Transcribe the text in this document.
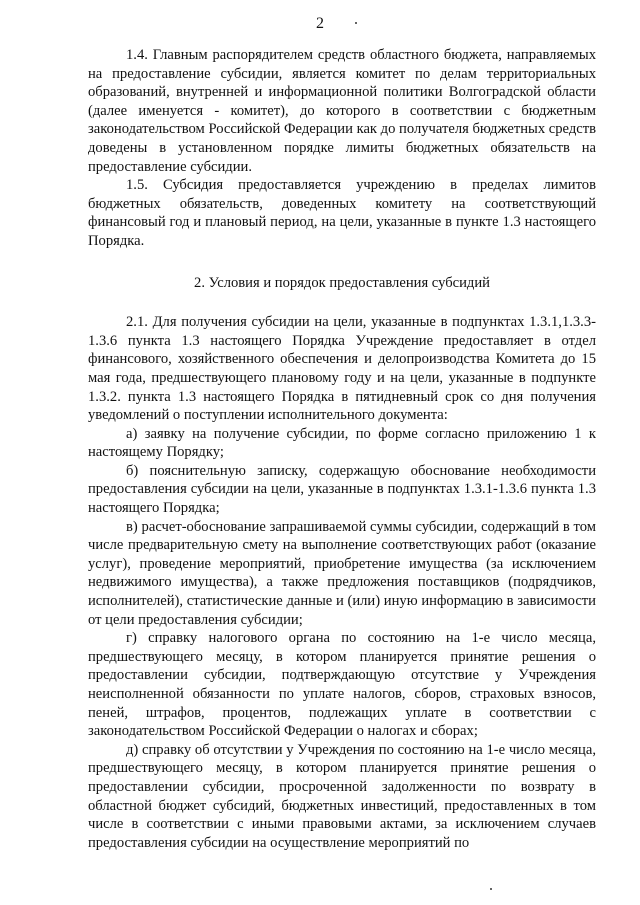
2

1.4. Главным распорядителем средств областного бюджета, направляемых на предоставление субсидии, является комитет по делам территориальных образований, внутренней и информационной политики Волгоградской области (далее именуется - комитет), до которого в соответствии с бюджетным законодательством Российской Федерации как до получателя бюджетных средств доведены в установленном порядке лимиты бюджетных обязательств на предоставление субсидии.

1.5. Субсидия предоставляется учреждению в пределах лимитов бюджетных обязательств, доведенных комитету на соответствующий финансовый год и плановый период, на цели, указанные в пункте 1.3 настоящего Порядка.

2. Условия и порядок предоставления субсидий

2.1. Для получения субсидии на цели, указанные в подпунктах 1.3.1,1.3.3-1.3.6 пункта 1.3 настоящего Порядка Учреждение предоставляет в отдел финансового, хозяйственного обеспечения и делопроизводства Комитета до 15 мая года, предшествующего плановому году и на цели, указанные в подпункте 1.3.2. пункта 1.3 настоящего Порядка в пятидневный срок со дня получения уведомлений о поступлении исполнительного документа:

а) заявку на получение субсидии, по форме согласно приложению 1 к настоящему Порядку;

б) пояснительную записку, содержащую обоснование необходимости предоставления субсидии на цели, указанные в подпунктах 1.3.1-1.3.6 пункта 1.3 настоящего Порядка;

в) расчет-обоснование запрашиваемой суммы субсидии, содержащий в том числе предварительную смету на выполнение соответствующих работ (оказание услуг), проведение мероприятий, приобретение имущества (за исключением недвижимого имущества), а также предложения поставщиков (подрядчиков, исполнителей), статистические данные и (или) иную информацию в зависимости от цели предоставления субсидии;

г) справку налогового органа по состоянию на 1-е число месяца, предшествующего месяцу, в котором планируется принятие решения о предоставлении субсидии, подтверждающую отсутствие у Учреждения неисполненной обязанности по уплате налогов, сборов, страховых взносов, пеней, штрафов, процентов, подлежащих уплате в соответствии с законодательством Российской Федерации о налогах и сборах;

д) справку об отсутствии у Учреждения по состоянию на 1-е число месяца, предшествующего месяцу, в котором планируется принятие решения о предоставлении субсидии, просроченной задолженности по возврату в областной бюджет субсидий, бюджетных инвестиций, предоставленных в том числе в соответствии с иными правовыми актами, за исключением случаев предоставления субсидии на осуществление мероприятий по
